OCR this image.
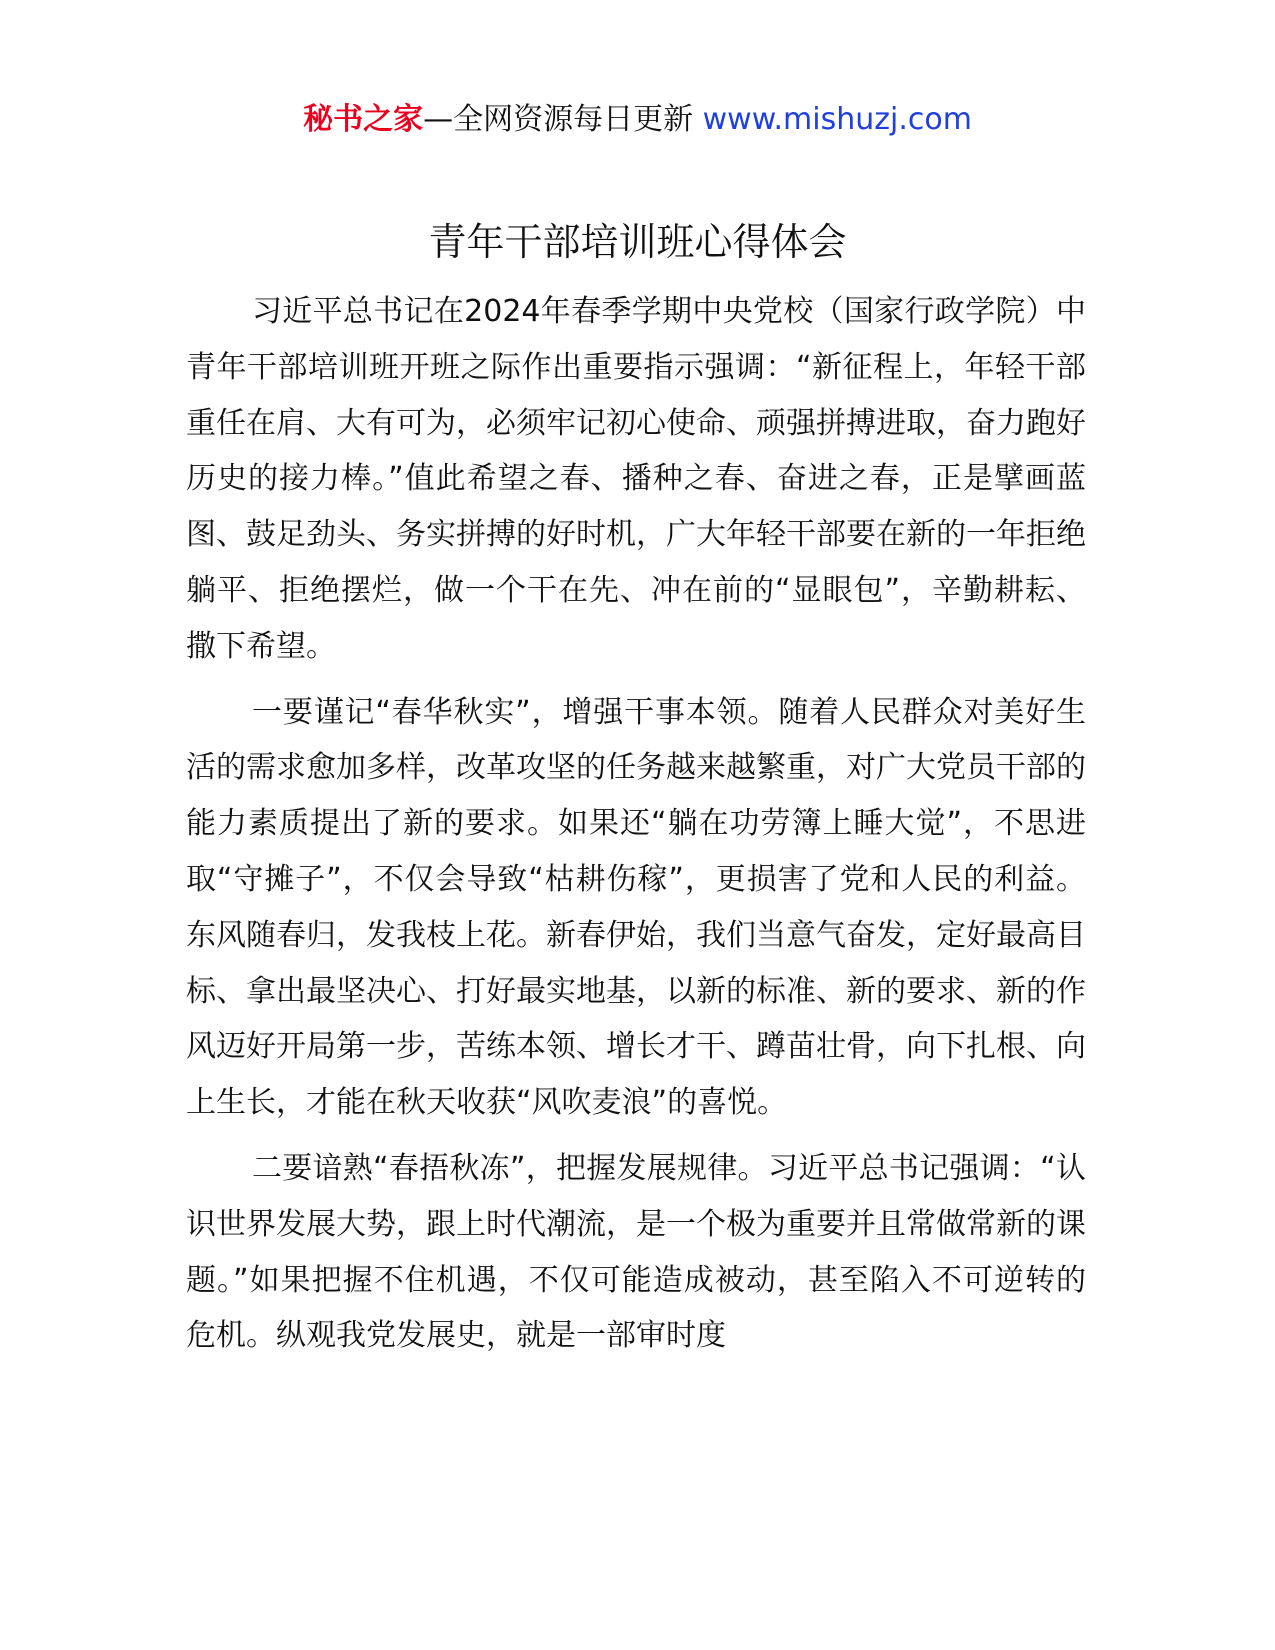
秘书之家—全网资源每日更新 www.mishuzj.com
青年干部培训班心得体会

习近平总书记在2024年春季学期中央党校（国家行政学院）中青年干部培训班开班之际作出重要指示强调：“新征程上，年轻干部重任在肩、大有可为，必须牢记初心使命、顽强拼搏进取，奋力跑好历史的接力棒。”值此希望之春、播种之春、奋进之春，正是擘画蓝图、鼓足劲头、务实拼搏的好时机，广大年轻干部要在新的一年拒绝躺平、拒绝摆烂，做一个干在先、冲在前的“显眼包”，辛勤耕耘、撒下希望。

一要谨记“春华秋实”，增强干事本领。随着人民群众对美好生活的需求愈加多样，改革攻坚的任务越来越繁重，对广大党员干部的能力素质提出了新的要求。如果还“躺在功劳簿上睡大觉”，不思进取“守摊子”，不仅会导致“枯耕伤稼”，更损害了党和人民的利益。东风随春归，发我枝上花。新春伊始，我们当意气奋发，定好最高目标、拿出最坚决心、打好最实地基，以新的标准、新的要求、新的作风迈好开局第一步，苦练本领、增长才干、蹲苗壮骨，向下扎根、向上生长，才能在秋天收获“风吹麦浪”的喜悦。

二要谙熟“春捂秋冻”，把握发展规律。习近平总书记强调：“认识世界发展大势，跟上时代潮流，是一个极为重要并且常做常新的课题。”如果把握不住机遇，不仅可能造成被动，甚至陷入不可逆转的危机。纵观我党发展史，就是一部审时度
